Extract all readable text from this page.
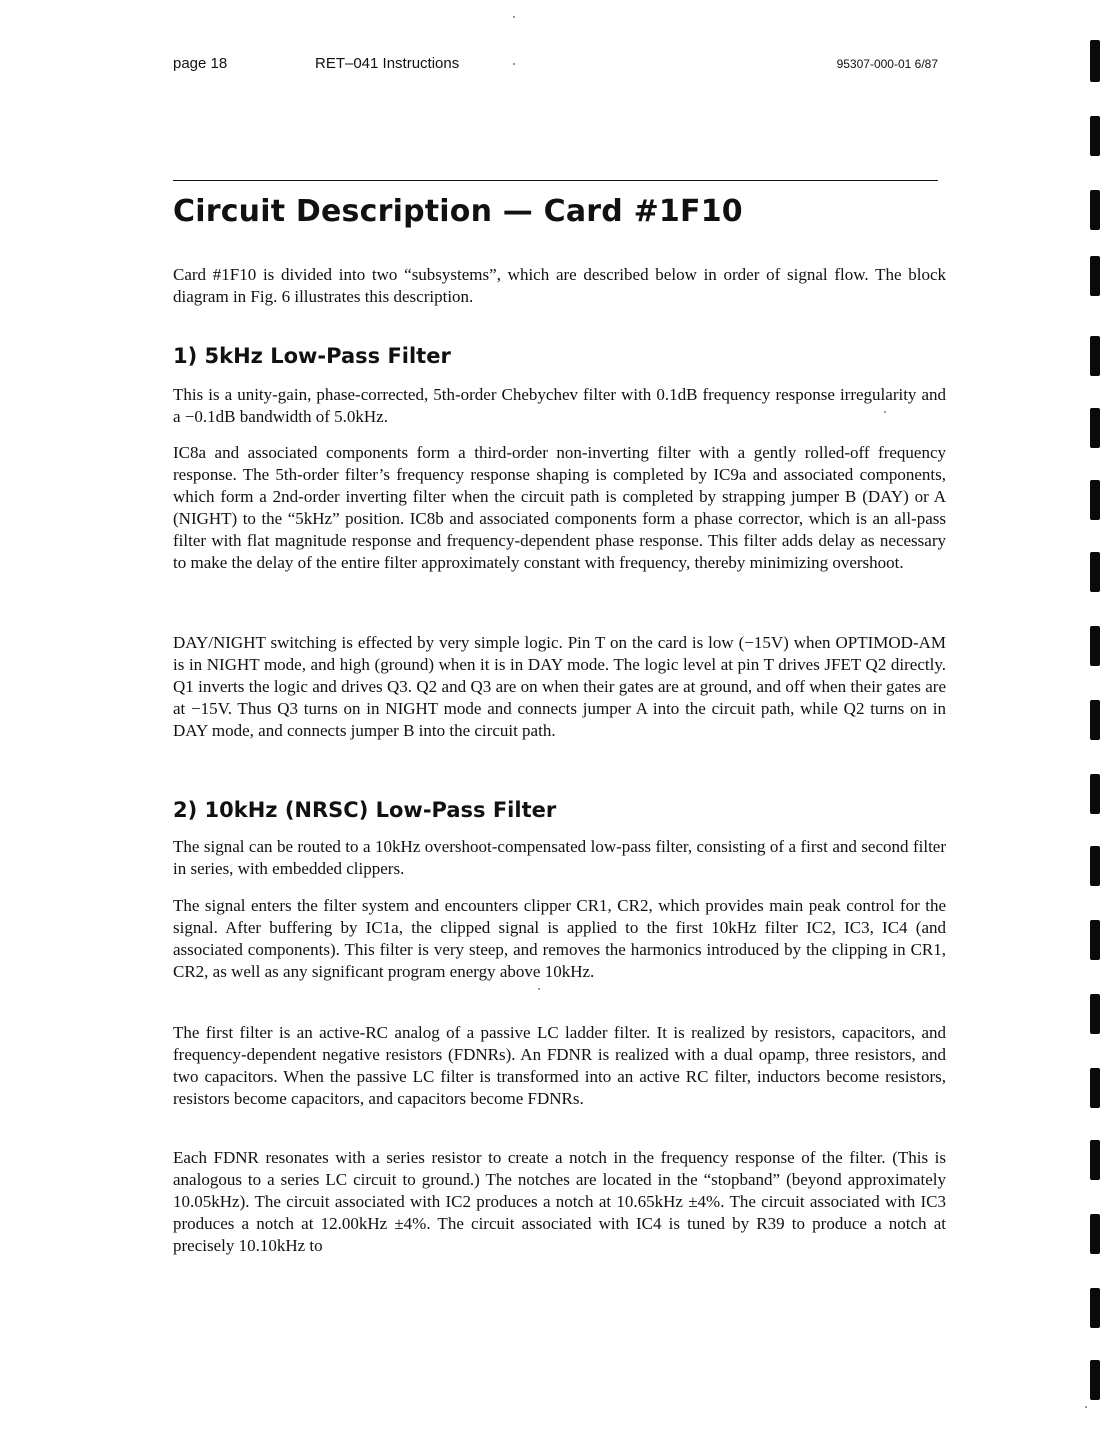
page 18	RET–041 Instructions	95307-000-01 6/87
Circuit Description — Card #1F10

Card #1F10 is divided into two “subsystems”, which are described below in order of signal flow. The block diagram in Fig. 6 illustrates this description.

1) 5kHz Low-Pass Filter

This is a unity-gain, phase-corrected, 5th-order Chebychev filter with 0.1dB frequency response irregularity and a −0.1dB bandwidth of 5.0kHz.

IC8a and associated components form a third-order non-inverting filter with a gently rolled-off frequency response. The 5th-order filter’s frequency response shaping is completed by IC9a and associated components, which form a 2nd-order inverting filter when the circuit path is completed by strapping jumper B (DAY) or A (NIGHT) to the “5kHz” position. IC8b and associated components form a phase corrector, which is an all-pass filter with flat magnitude response and frequency-dependent phase response. This filter adds delay as necessary to make the delay of the entire filter approximately constant with frequency, thereby minimizing overshoot.

DAY/NIGHT switching is effected by very simple logic. Pin T on the card is low (−15V) when OPTIMOD-AM is in NIGHT mode, and high (ground) when it is in DAY mode. The logic level at pin T drives JFET Q2 directly. Q1 inverts the logic and drives Q3. Q2 and Q3 are on when their gates are at ground, and off when their gates are at −15V. Thus Q3 turns on in NIGHT mode and connects jumper A into the circuit path, while Q2 turns on in DAY mode, and connects jumper B into the circuit path.

2) 10kHz (NRSC) Low-Pass Filter

The signal can be routed to a 10kHz overshoot-compensated low-pass filter, consisting of a first and second filter in series, with embedded clippers.

The signal enters the filter system and encounters clipper CR1, CR2, which provides main peak control for the signal. After buffering by IC1a, the clipped signal is applied to the first 10kHz filter IC2, IC3, IC4 (and associated components). This filter is very steep, and removes the harmonics introduced by the clipping in CR1, CR2, as well as any significant program energy above 10kHz.

The first filter is an active-RC analog of a passive LC ladder filter. It is realized by resistors, capacitors, and frequency-dependent negative resistors (FDNRs). An FDNR is realized with a dual opamp, three resistors, and two capacitors. When the passive LC filter is transformed into an active RC filter, inductors become resistors, resistors become capacitors, and capacitors become FDNRs.

Each FDNR resonates with a series resistor to create a notch in the frequency response of the filter. (This is analogous to a series LC circuit to ground.) The notches are located in the “stopband” (beyond approximately 10.05kHz). The circuit associated with IC2 produces a notch at 10.65kHz ±4%. The circuit associated with IC3 produces a notch at 12.00kHz ±4%. The circuit associated with IC4 is tuned by R39 to produce a notch at precisely 10.10kHz to
